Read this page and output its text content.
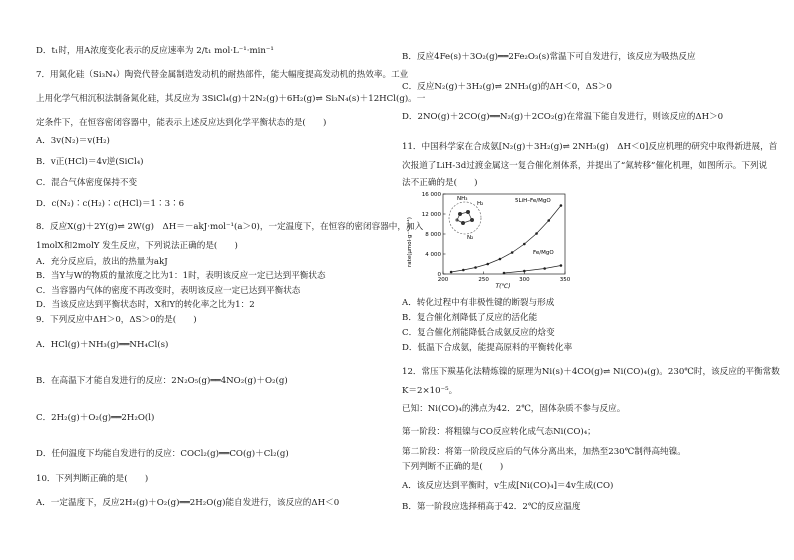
D．t₁时，用A浓度变化表示的反应速率为 2/t₁ mol·L⁻¹·min⁻¹
7．用氮化硅（Si₃N₄）陶瓷代替金属制造发动机的耐热部件，能大幅度提高发动机的热效率。工业
上用化学气相沉积法制备氮化硅，其反应为 3SiCl₄(g)＋2N₂(g)＋6H₂(g)⇌ Si₃N₄(s)＋12HCl(g)。一
定条件下，在恒容密闭容器中，能表示上述反应达到化学平衡状态的是(　　)
A．3v(N₂)＝v(H₂)
B．v正(HCl)＝4v逆(SiCl₄)
C．混合气体密度保持不变
D．c(N₂)∶c(H₂)∶c(HCl)＝1∶3∶6
8．反应X(g)＋2Y(g)⇌ 2W(g)　ΔH＝－akJ·mol⁻¹(a＞0)，一定温度下，在恒容的密闭容器中，加入
1molX和2molY 发生反应，下列说法正确的是(　　)
A．充分反应后，放出的热量为akJ
B．当Y与W的物质的量浓度之比为1：1时，表明该反应一定已达到平衡状态
C．当容器内气体的密度不再改变时，表明该反应一定已达到平衡状态
D．当该反应达到平衡状态时，X和Y的转化率之比为1：2
9．下列反应中ΔH＞0，ΔS＞0的是(　　)
A．HCl(g)＋NH₃(g)══NH₄Cl(s)
B．在高温下才能自发进行的反应：2N₂O₅(g)══4NO₂(g)＋O₂(g)
C．2H₂(g)＋O₂(g)══2H₂O(l)
D．任何温度下均能自发进行的反应：COCl₂(g)══CO(g)＋Cl₂(g)
10．下列判断正确的是(　　)
A．一定温度下，反应2H₂(g)＋O₂(g)══2H₂O(g)能自发进行，该反应的ΔH＜0
B．反应4Fe(s)＋3O₂(g)══2Fe₂O₃(s)常温下可自发进行，该反应为吸热反应
C．反应N₂(g)＋3H₂(g)⇌ 2NH₃(g)的ΔH＜0，ΔS＞0
D．2NO(g)＋2CO(g)══N₂(g)＋2CO₂(g)在常温下能自发进行，则该反应的ΔH＞0
11．中国科学家在合成氨[N₂(g)＋3H₂(g)⇌ 2NH₃(g)　ΔH＜0]反应机理的研究中取得新进展，首
次报道了LiH-3d过渡金属这一复合催化剂体系，并提出了“氮转移”催化机理，如图所示。下列说
法不正确的是(　　)
A．转化过程中有非极性键的断裂与形成
B．复合催化剂降低了反应的活化能
C．复合催化剂能降低合成氨反应的焓变
D．低温下合成氨，能提高原料的平衡转化率
12．常压下羰基化法精炼镍的原理为Ni(s)＋4CO(g)⇌ Ni(CO)₄(g)。230℃时，该反应的平衡常数
K＝2×10⁻⁵。
已知：Ni(CO)₄的沸点为42．2℃，固体杂质不参与反应。
第一阶段：将粗镍与CO反应转化成气态Ni(CO)₄；
第二阶段：将第一阶段反应后的气体分离出来，加热至230℃制得高纯镍。
下列判断不正确的是(　　)
A．该反应达到平衡时，v生成[Ni(CO)₄]＝4v生成(CO)
B．第一阶段应选择稍高于42．2℃的反应温度
rate(μmol·g⁻¹·h⁻¹)
T(℃)
NH₃
H₂
N₂
5LiH–Fe/MgO
Fe/MgO
200	250	300	350
0
4 000
8 000
12 000
16 000
